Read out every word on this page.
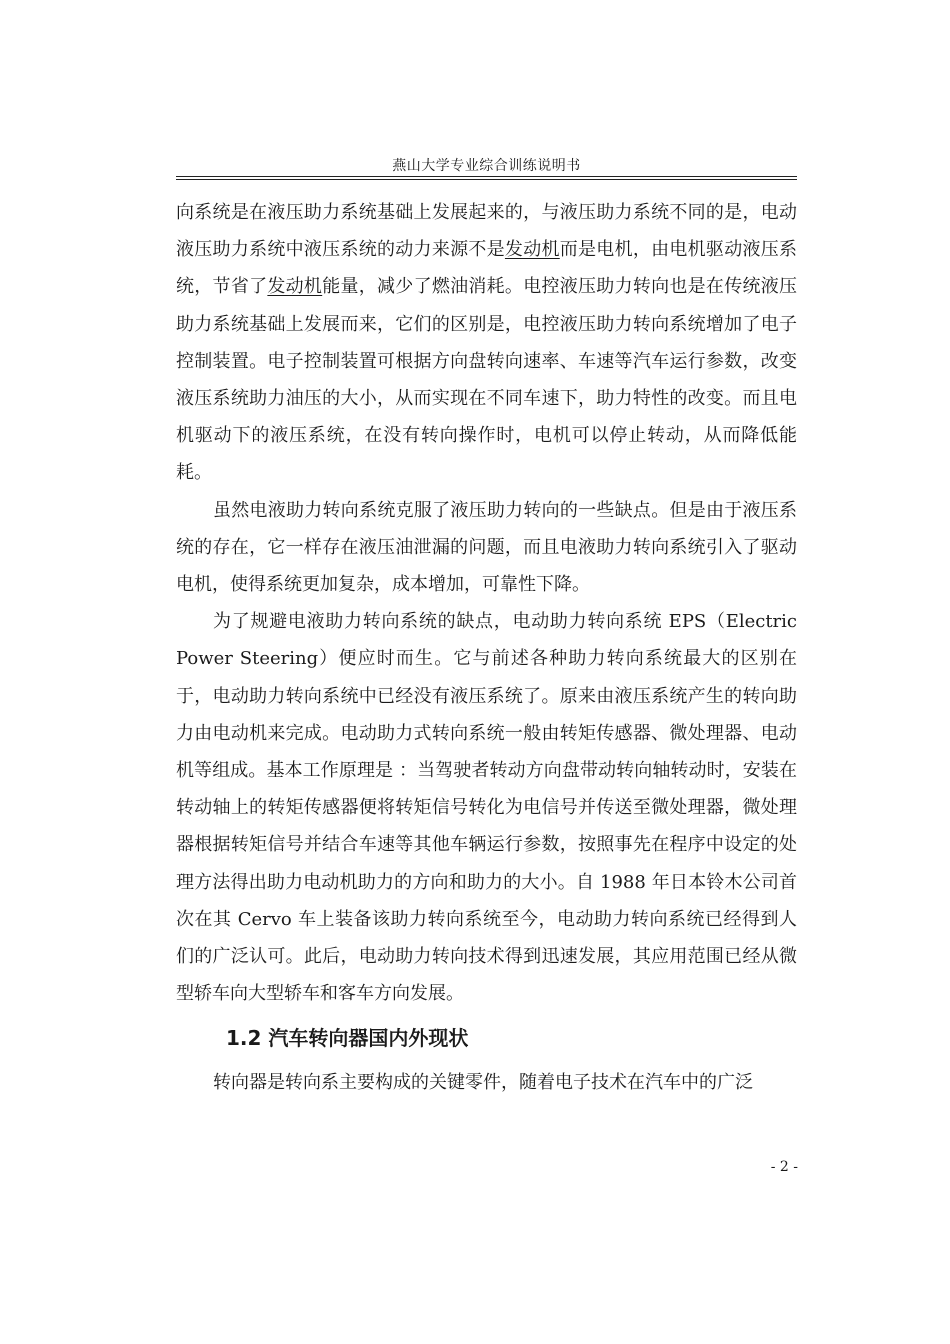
燕山大学专业综合训练说明书

向系统是在液压助力系统基础上发展起来的，与液压助力系统不同的是，电动液压助力系统中液压系统的动力来源不是发动机而是电机，由电机驱动液压系统，节省了发动机能量，减少了燃油消耗。电控液压助力转向也是在传统液压助力系统基础上发展而来，它们的区别是，电控液压助力转向系统增加了电子控制装置。电子控制装置可根据方向盘转向速率、车速等汽车运行参数，改变液压系统助力油压的大小，从而实现在不同车速下，助力特性的改变。而且电机驱动下的液压系统，在没有转向操作时，电机可以停止转动，从而降低能耗。

虽然电液助力转向系统克服了液压助力转向的一些缺点。但是由于液压系统的存在，它一样存在液压油泄漏的问题，而且电液助力转向系统引入了驱动电机，使得系统更加复杂，成本增加，可靠性下降。

为了规避电液助力转向系统的缺点，电动助力转向系统 EPS（Electric Power Steering）便应时而生。它与前述各种助力转向系统最大的区别在于，电动助力转向系统中已经没有液压系统了。原来由液压系统产生的转向助力由电动机来完成。电动助力式转向系统一般由转矩传感器、微处理器、电动机等组成。基本工作原理是 ：当驾驶者转动方向盘带动转向轴转动时，安装在转动轴上的转矩传感器便将转矩信号转化为电信号并传送至微处理器，微处理器根据转矩信号并结合车速等其他车辆运行参数，按照事先在程序中设定的处理方法得出助力电动机助力的方向和助力的大小。自 1988 年日本铃木公司首次在其 Cervo 车上装备该助力转向系统至今，电动助力转向系统已经得到人们的广泛认可。此后，电动助力转向技术得到迅速发展，其应用范围已经从微型轿车向大型轿车和客车方向发展。

1.2 汽车转向器国内外现状

转向器是转向系主要构成的关键零件，随着电子技术在汽车中的广泛

- 2 -
